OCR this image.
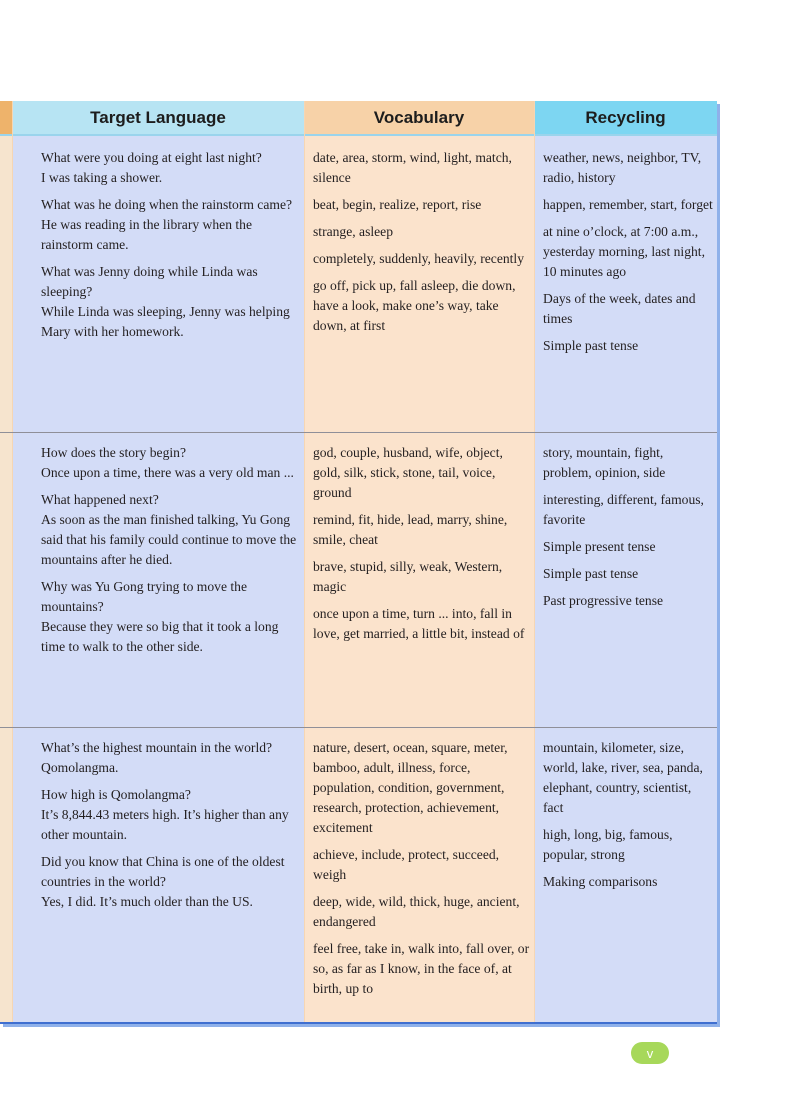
Target Language	Vocabulary	Recycling

What were you doing at eight last night?
I was taking a shower.

What was he doing when the rainstorm came?
He was reading in the library when the rainstorm came.

What was Jenny doing while Linda was sleeping?
While Linda was sleeping, Jenny was helping Mary with her homework.

date, area, storm, wind, light, match, silence

beat, begin, realize, report, rise

strange, asleep

completely, suddenly, heavily, recently

go off, pick up, fall asleep, die down, have a look, make one’s way, take down, at first

weather, news, neighbor, TV, radio, history

happen, remember, start, forget

at nine o’clock, at 7:00 a.m., yesterday morning, last night, 10 minutes ago

Days of the week, dates and times

Simple past tense

How does the story begin?
Once upon a time, there was a very old man ...

What happened next?
As soon as the man finished talking, Yu Gong said that his family could continue to move the mountains after he died.

Why was Yu Gong trying to move the mountains?
Because they were so big that it took a long time to walk to the other side.

god, couple, husband, wife, object, gold, silk, stick, stone, tail, voice, ground

remind, fit, hide, lead, marry, shine, smile, cheat

brave, stupid, silly, weak, Western, magic

once upon a time, turn ... into, fall in love, get married, a little bit, instead of

story, mountain, fight, problem, opinion, side

interesting, different, famous, favorite

Simple present tense

Simple past tense

Past progressive tense

What’s the highest mountain in the world?
Qomolangma.

How high is Qomolangma?
It’s 8,844.43 meters high. It’s higher than any other mountain.

Did you know that China is one of the oldest countries in the world?
Yes, I did. It’s much older than the US.

nature, desert, ocean, square, meter, bamboo, adult, illness, force, population, condition, government, research, protection, achievement, excitement

achieve, include, protect, succeed, weigh

deep, wide, wild, thick, huge, ancient, endangered

feel free, take in, walk into, fall over, or so, as far as I know, in the face of, at birth, up to

mountain, kilometer, size, world, lake, river, sea, panda, elephant, country, scientist, fact

high, long, big, famous, popular, strong

Making comparisons

v
